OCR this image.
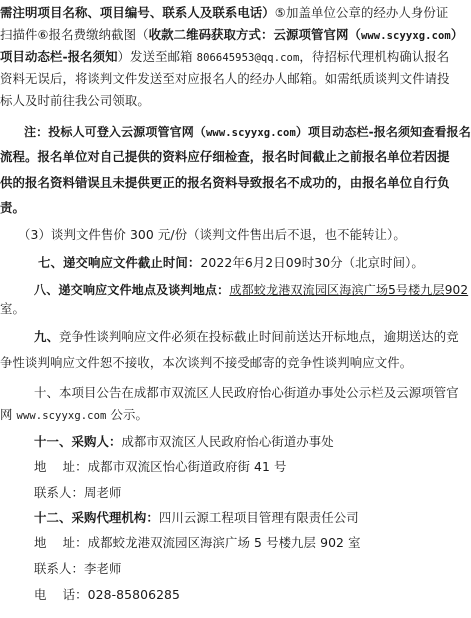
需注明项目名称、项目编号、联系人及联系电话）⑤加盖单位公章的经办人身份证
扫描件⑥报名费缴纳截图（收款二维码获取方式：云源项管官网（www.scyyxg.com）
项目动态栏-报名须知）发送至邮箱 806645953@qq.com，待招标代理机构确认报名
资料无误后，将谈判文件发送至对应报名人的经办人邮箱。如需纸质谈判文件请投
标人及时前往我公司领取。
注：投标人可登入云源项管官网（www.scyyxg.com）项目动态栏-报名须知查看报名
流程。报名单位对自己提供的资料应仔细检查，报名时间截止之前报名单位若因提
供的报名资料错误且未提供更正的报名资料导致报名不成功的，由报名单位自行负
责。
（3）谈判文件售价 300 元/份（谈判文件售出后不退，也不能转让）。
七、递交响应文件截止时间：2022年6月2日09时30分（北京时间）。
八、递交响应文件地点及谈判地点：成都蛟龙港双流园区海滨广场5号楼九层902
室。
九、竞争性谈判响应文件必须在投标截止时间前送达开标地点，逾期送达的竞
争性谈判响应文件恕不接收，本次谈判不接受邮寄的竞争性谈判响应文件。
十、本项目公告在成都市双流区人民政府怡心街道办事处公示栏及云源项管官
网 www.scyyxg.com 公示。
十一、采购人：成都市双流区人民政府怡心街道办事处
地    址：成都市双流区怡心街道政府街 41 号
联系人：周老师
十二、采购代理机构：四川云源工程项目管理有限责任公司
地    址：成都蛟龙港双流园区海滨广场 5 号楼九层 902 室
联系人：李老师
电    话：028-85806285
